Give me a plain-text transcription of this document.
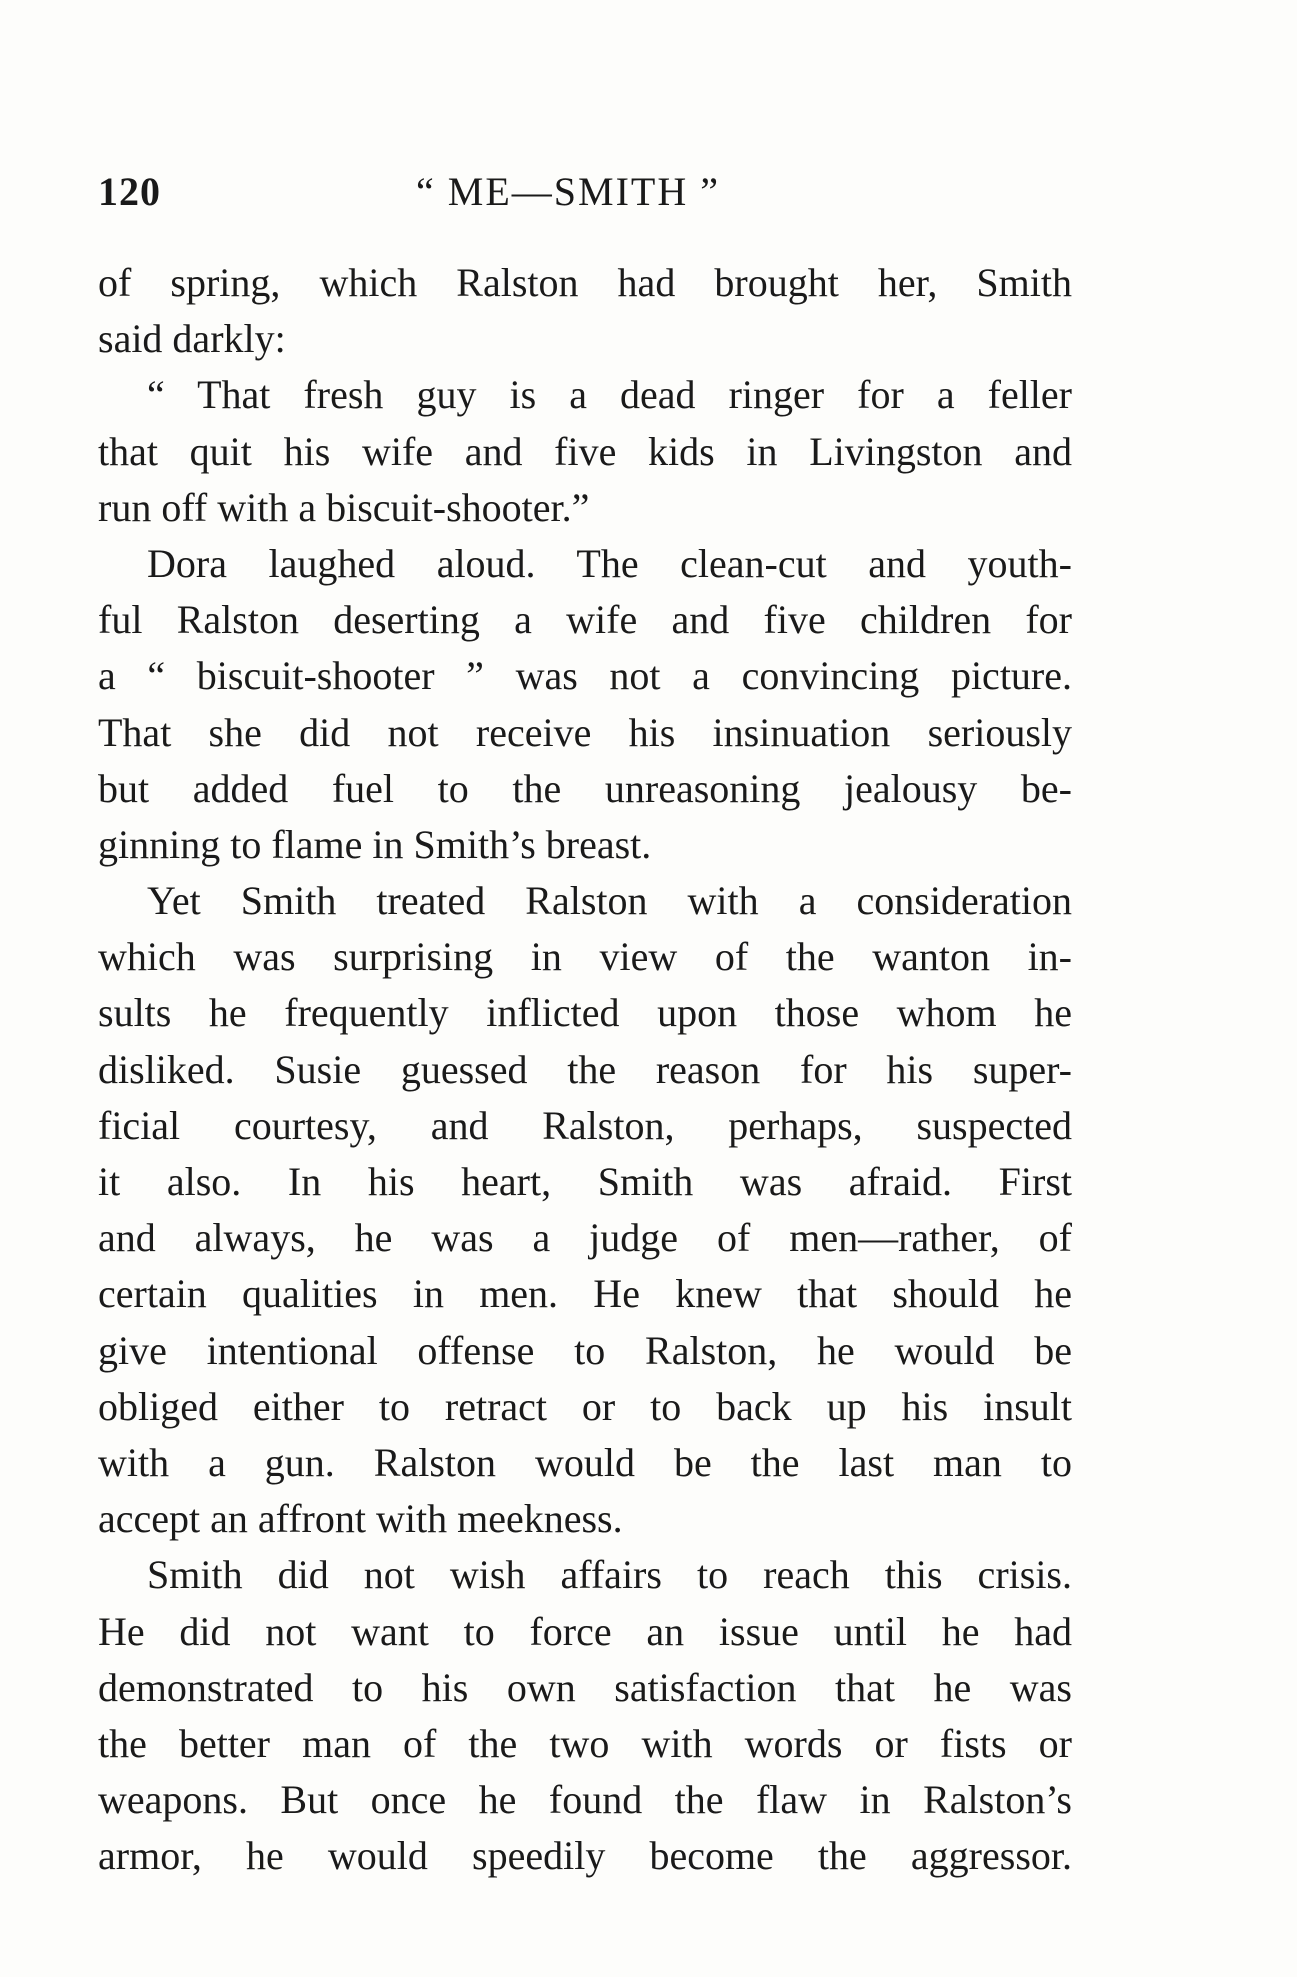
120	“ ME—SMITH ”
of spring, which Ralston had brought her, Smith
said darkly:
“ That fresh guy is a dead ringer for a feller
that quit his wife and five kids in Livingston and
run off with a biscuit-shooter.”
Dora laughed aloud. The clean-cut and youth-
ful Ralston deserting a wife and five children for
a “ biscuit-shooter ” was not a convincing picture.
That she did not receive his insinuation seriously
but added fuel to the unreasoning jealousy be-
ginning to flame in Smith’s breast.
Yet Smith treated Ralston with a consideration
which was surprising in view of the wanton in-
sults he frequently inflicted upon those whom he
disliked. Susie guessed the reason for his super-
ficial courtesy, and Ralston, perhaps, suspected
it also. In his heart, Smith was afraid. First
and always, he was a judge of men—rather, of
certain qualities in men. He knew that should he
give intentional offense to Ralston, he would be
obliged either to retract or to back up his insult
with a gun. Ralston would be the last man to
accept an affront with meekness.
Smith did not wish affairs to reach this crisis.
He did not want to force an issue until he had
demonstrated to his own satisfaction that he was
the better man of the two with words or fists or
weapons. But once he found the flaw in Ralston’s
armor, he would speedily become the aggressor.
